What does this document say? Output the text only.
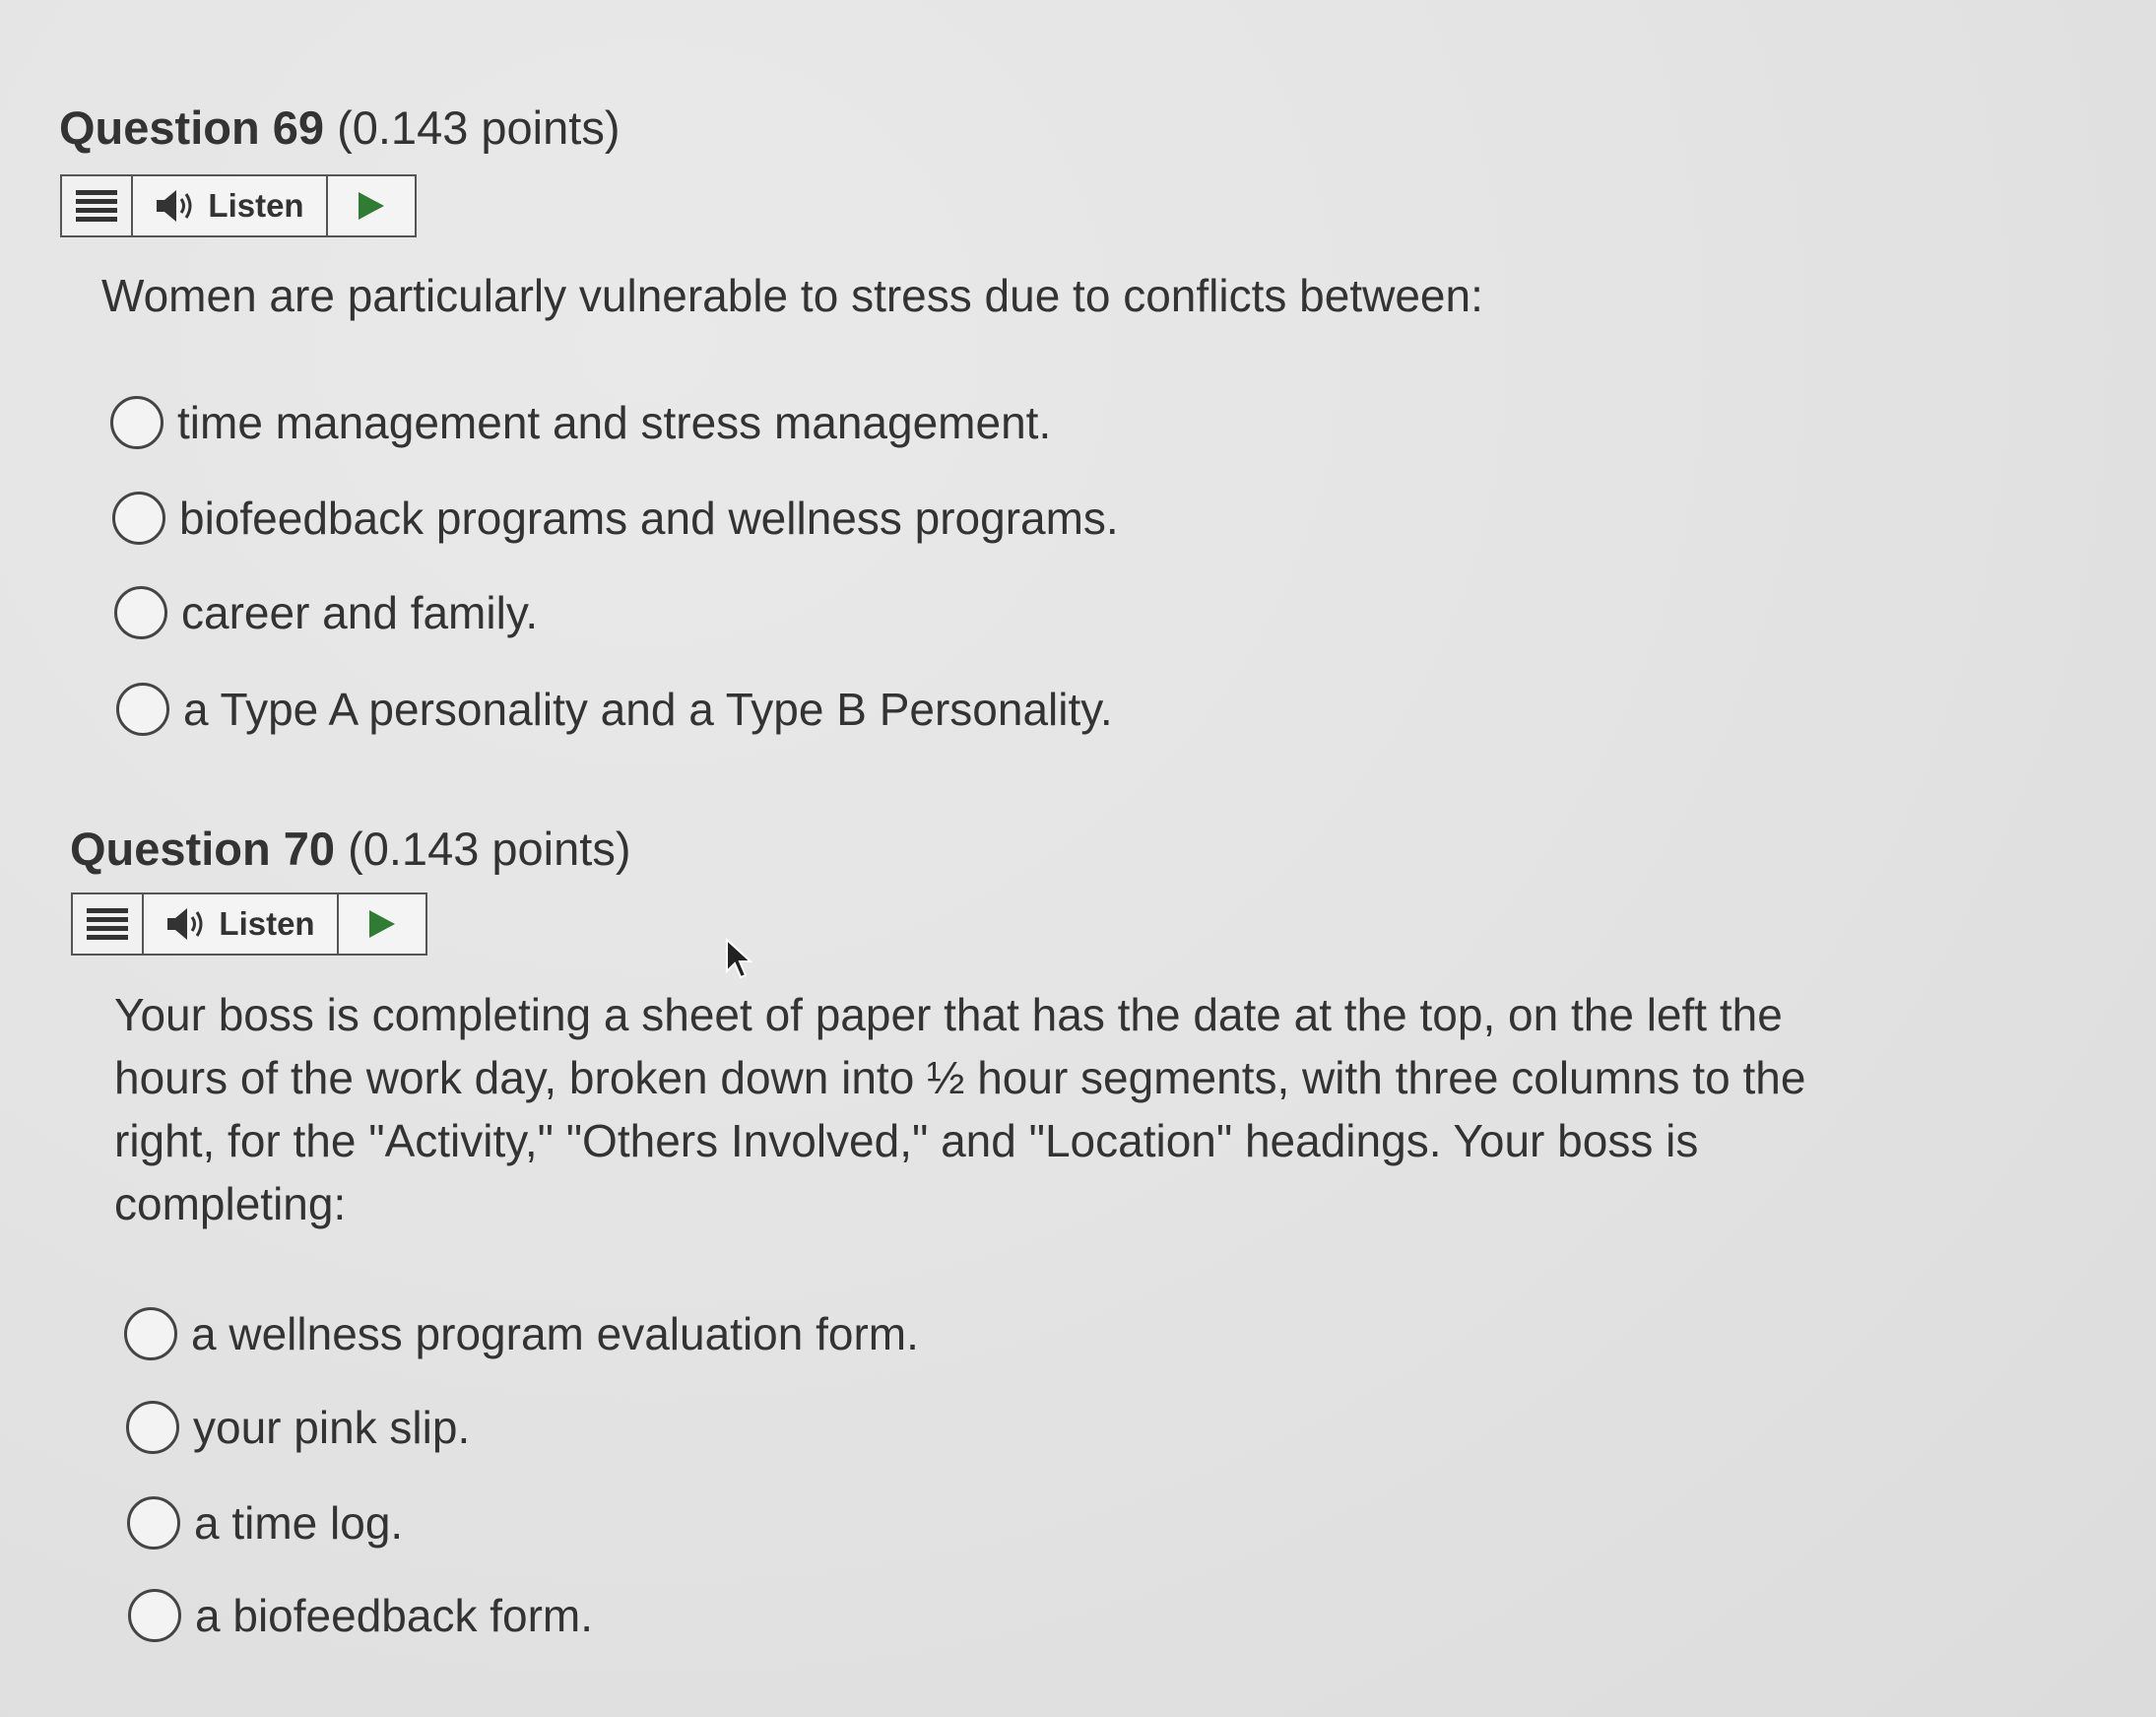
Question 69 (0.143 points)
Listen

Women are particularly vulnerable to stress due to conflicts between:

time management and stress management.
biofeedback programs and wellness programs.
career and family.
a Type A personality and a Type B Personality.
Question 70 (0.143 points)
Listen

Your boss is completing a sheet of paper that has the date at the top, on the left the hours of the work day, broken down into ½ hour segments, with three columns to the right, for the "Activity," "Others Involved," and "Location" headings. Your boss is completing:

a wellness program evaluation form.
your pink slip.
a time log.
a biofeedback form.
